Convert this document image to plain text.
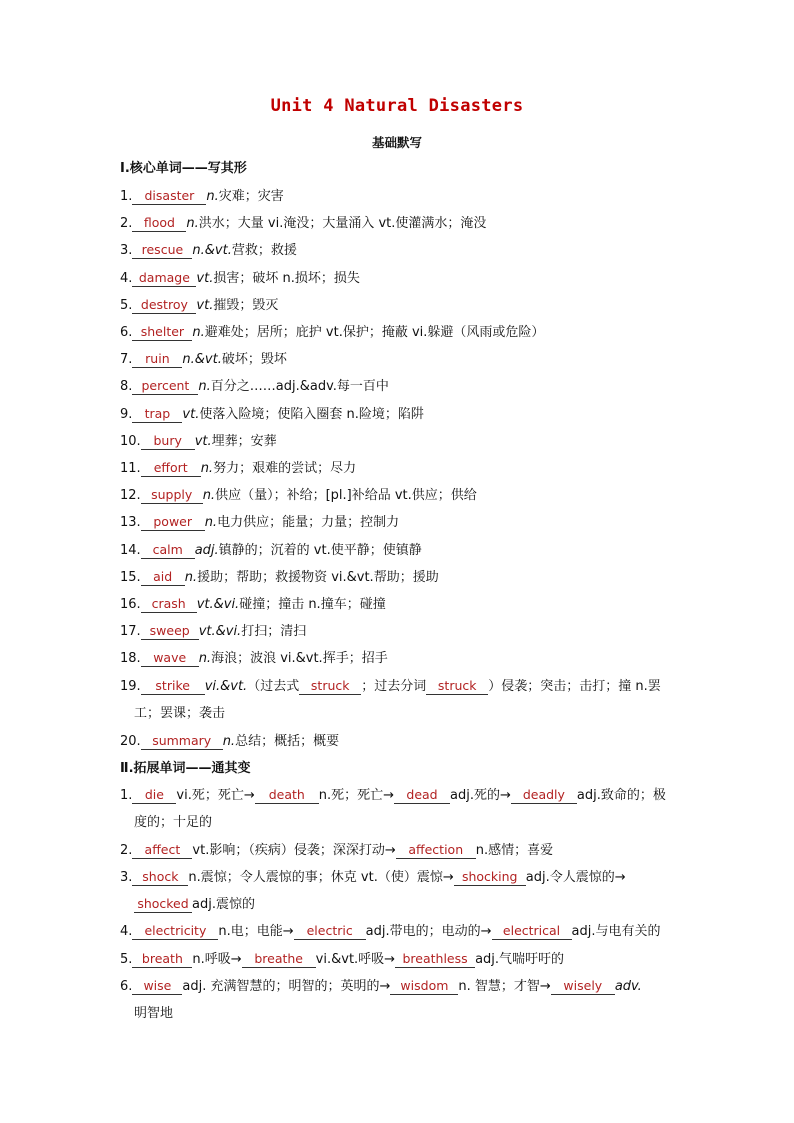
Unit 4 Natural Disasters
基础默写
Ⅰ.核心单词——写其形
1. disaster n.灾难；灾害
2. flood n.洪水；大量 vi.淹没；大量涌入 vt.使灌满水；淹没
3. rescue n.&vt.营救；救援
4. damage vt.损害；破坏 n.损坏；损失
5. destroy vt.摧毁；毁灭
6. shelter n.避难处；居所；庇护 vt.保护；掩蔽 vi.躲避（风雨或危险）
7. ruin n.&vt.破坏；毁坏
8. percent n.百分之……adj.&adv.每一百中
9. trap vt.使落入险境；使陷入圈套 n.险境；陷阱
10. bury vt.埋葬；安葬
11. effort n.努力；艰难的尝试；尽力
12. supply n.供应（量）；补给；[pl.]补给品 vt.供应；供给
13. power n.电力供应；能量；力量；控制力
14. calm adj.镇静的；沉着的 vt.使平静；使镇静
15. aid n.援助；帮助；救援物资 vi.&vt.帮助；援助
16. crash vt.&vi.碰撞；撞击 n.撞车；碰撞
17. sweep vt.&vi.打扫；清扫
18. wave n.海浪；波浪 vi.&vt.挥手；招手
19. strike vi.&vt.（过去式 struck ；过去分词 struck ）侵袭；突击；击打；撞 n.罢
工；罢课；袭击
20. summary n.总结；概括；概要
Ⅱ.拓展单词——通其变
1. die vi.死；死亡→ death n.死；死亡→ dead adj.死的→ deadly adj.致命的；极
度的；十足的
2. affect vt.影响；（疾病）侵袭；深深打动→ affection n.感情；喜爱
3. shock n.震惊；令人震惊的事；休克 vt.（使）震惊→ shocking adj.令人震惊的→
shocked adj.震惊的
4. electricity n.电；电能→ electric adj.带电的；电动的→ electrical adj.与电有关的
5. breath n.呼吸→ breathe vi.&vt.呼吸→ breathless adj.气喘吁吁的
6. wise adj. 充满智慧的；明智的；英明的→ wisdom n. 智慧；才智→ wisely adv.
明智地
